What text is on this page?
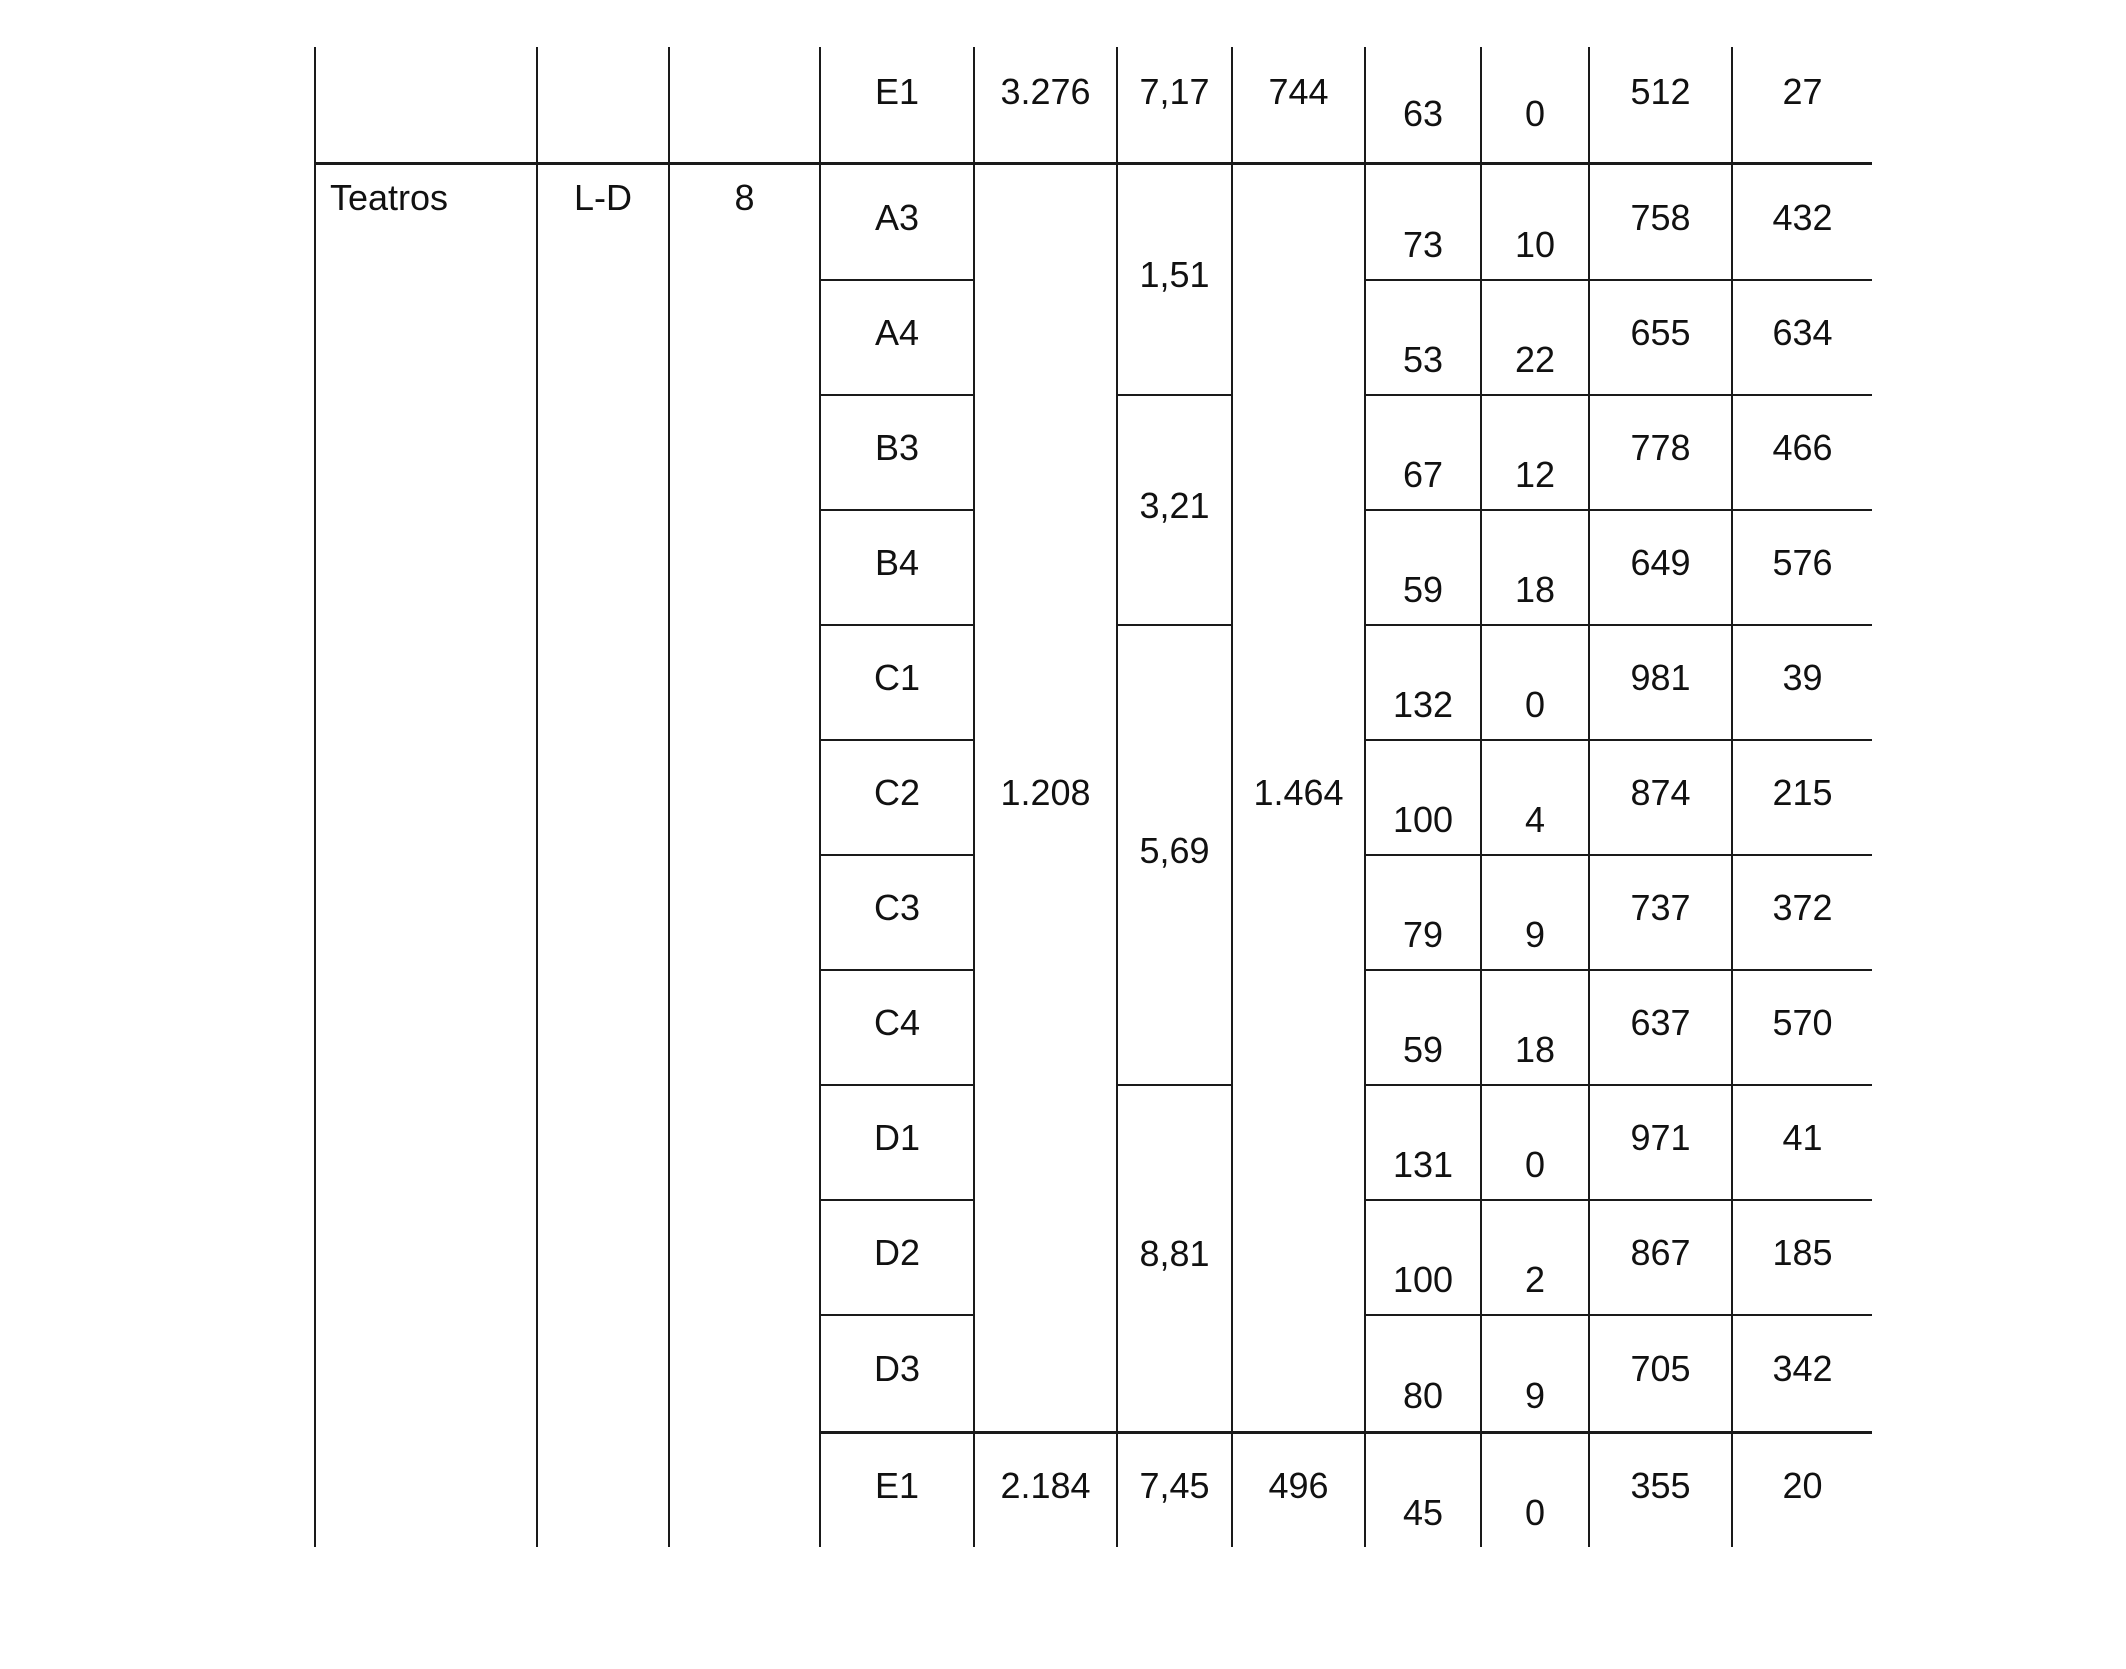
			E1	3.276	7,17	744	63	0	512	27
Teatros	L-D	8	A3	1.208	1,51	1.464	73	10	758	432
			A4				53	22	655	634
			B3		3,21		67	12	778	466
			B4				59	18	649	576
			C1		5,69		132	0	981	39
			C2				100	4	874	215
			C3				79	9	737	372
			C4				59	18	637	570
			D1		8,81		131	0	971	41
			D2				100	2	867	185
			D3				80	9	705	342
			E1	2.184	7,45	496	45	0	355	20
